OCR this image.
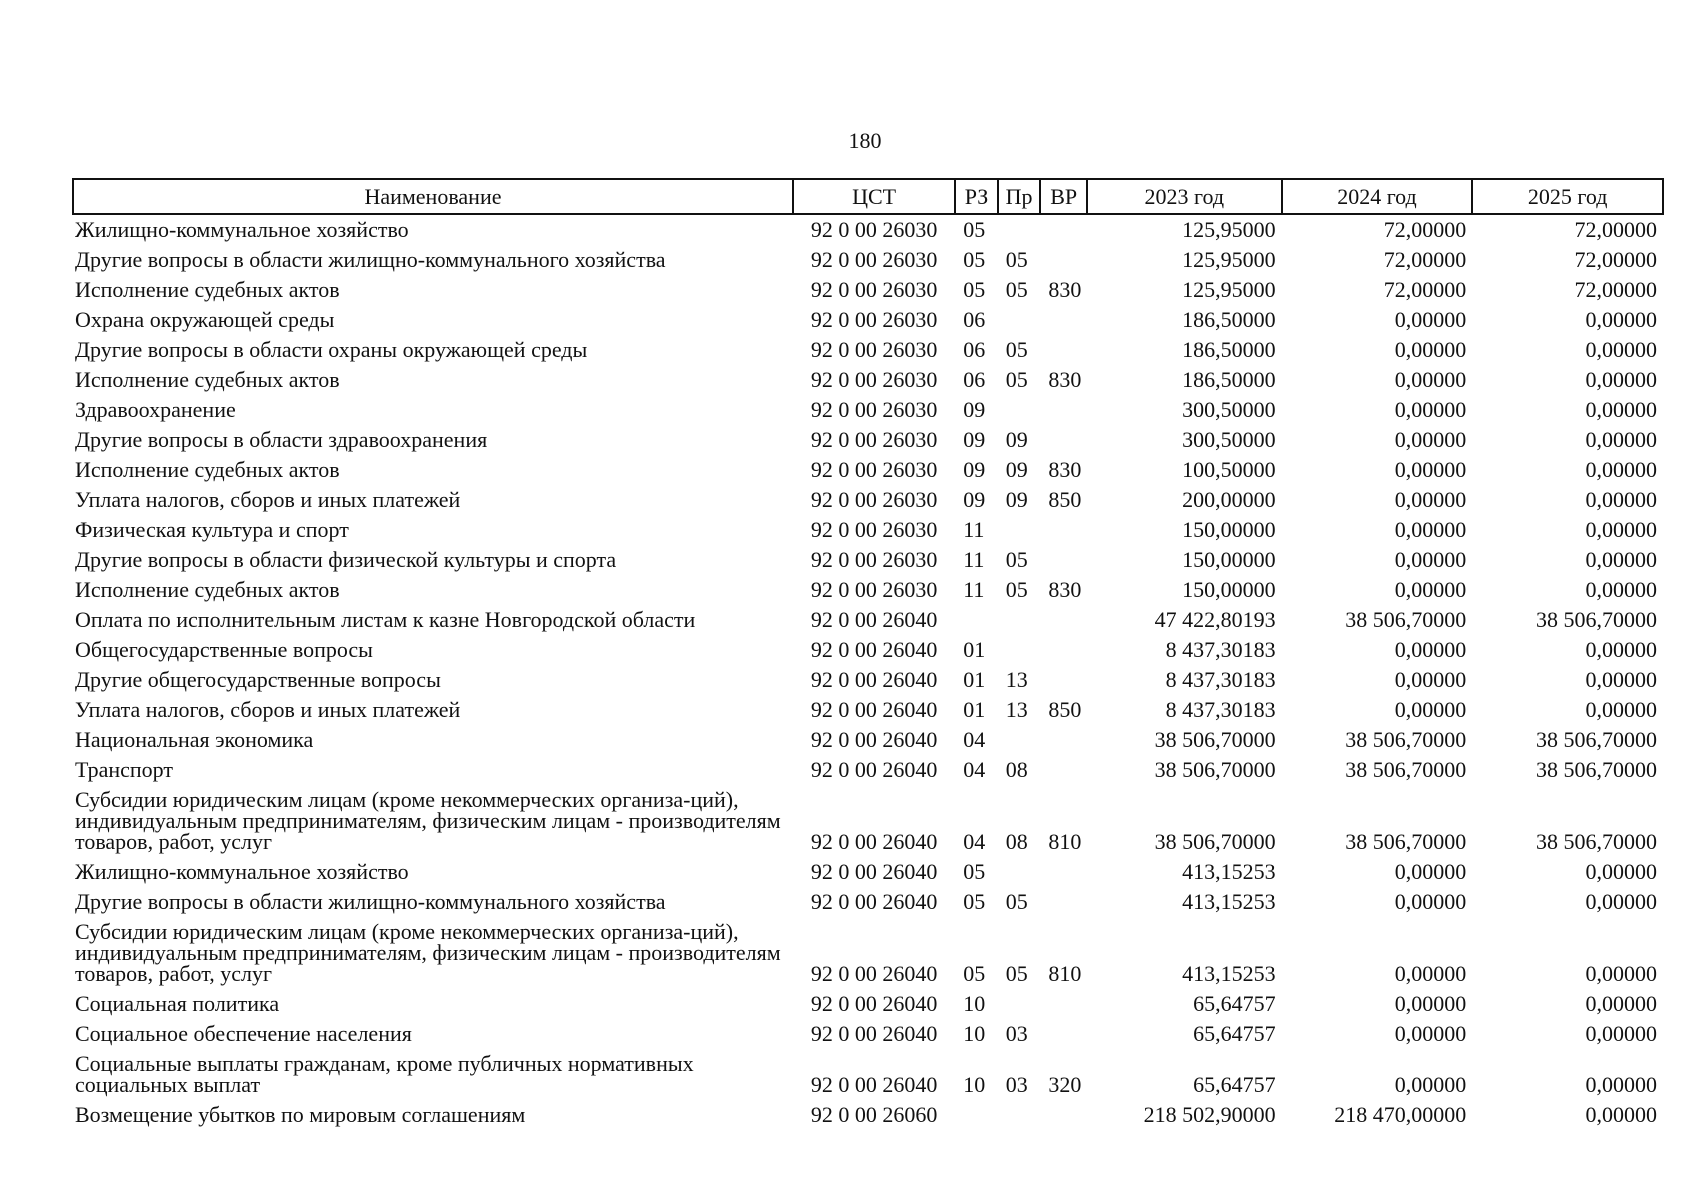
180
Наименование	ЦСТ	РЗ	Пр	ВР	2023 год	2024 год	2025 год
Жилищно-коммунальное хозяйство	92 0 00 26030	05			125,95000	72,00000	72,00000
Другие вопросы в области жилищно-коммунального хозяйства	92 0 00 26030	05	05		125,95000	72,00000	72,00000
Исполнение судебных актов	92 0 00 26030	05	05	830	125,95000	72,00000	72,00000
Охрана окружающей среды	92 0 00 26030	06			186,50000	0,00000	0,00000
Другие вопросы в области охраны окружающей среды	92 0 00 26030	06	05		186,50000	0,00000	0,00000
Исполнение судебных актов	92 0 00 26030	06	05	830	186,50000	0,00000	0,00000
Здравоохранение	92 0 00 26030	09			300,50000	0,00000	0,00000
Другие вопросы в области здравоохранения	92 0 00 26030	09	09		300,50000	0,00000	0,00000
Исполнение судебных актов	92 0 00 26030	09	09	830	100,50000	0,00000	0,00000
Уплата налогов, сборов и иных платежей	92 0 00 26030	09	09	850	200,00000	0,00000	0,00000
Физическая культура и спорт	92 0 00 26030	11			150,00000	0,00000	0,00000
Другие вопросы в области физической культуры и спорта	92 0 00 26030	11	05		150,00000	0,00000	0,00000
Исполнение судебных актов	92 0 00 26030	11	05	830	150,00000	0,00000	0,00000
Оплата по исполнительным листам к казне Новгородской области	92 0 00 26040				47 422,80193	38 506,70000	38 506,70000
Общегосударственные вопросы	92 0 00 26040	01			8 437,30183	0,00000	0,00000
Другие общегосударственные вопросы	92 0 00 26040	01	13		8 437,30183	0,00000	0,00000
Уплата налогов, сборов и иных платежей	92 0 00 26040	01	13	850	8 437,30183	0,00000	0,00000
Национальная экономика	92 0 00 26040	04			38 506,70000	38 506,70000	38 506,70000
Транспорт	92 0 00 26040	04	08		38 506,70000	38 506,70000	38 506,70000
Субсидии юридическим лицам (кроме некоммерческих организа-ций), индивидуальным предпринимателям, физическим лицам - производителям товаров, работ, услуг	92 0 00 26040	04	08	810	38 506,70000	38 506,70000	38 506,70000
Жилищно-коммунальное хозяйство	92 0 00 26040	05			413,15253	0,00000	0,00000
Другие вопросы в области жилищно-коммунального хозяйства	92 0 00 26040	05	05		413,15253	0,00000	0,00000
Субсидии юридическим лицам (кроме некоммерческих организа-ций), индивидуальным предпринимателям, физическим лицам - производителям товаров, работ, услуг	92 0 00 26040	05	05	810	413,15253	0,00000	0,00000
Социальная политика	92 0 00 26040	10			65,64757	0,00000	0,00000
Социальное обеспечение населения	92 0 00 26040	10	03		65,64757	0,00000	0,00000
Социальные выплаты гражданам, кроме публичных нормативных социальных выплат	92 0 00 26040	10	03	320	65,64757	0,00000	0,00000
Возмещение убытков по мировым соглашениям	92 0 00 26060				218 502,90000	218 470,00000	0,00000
